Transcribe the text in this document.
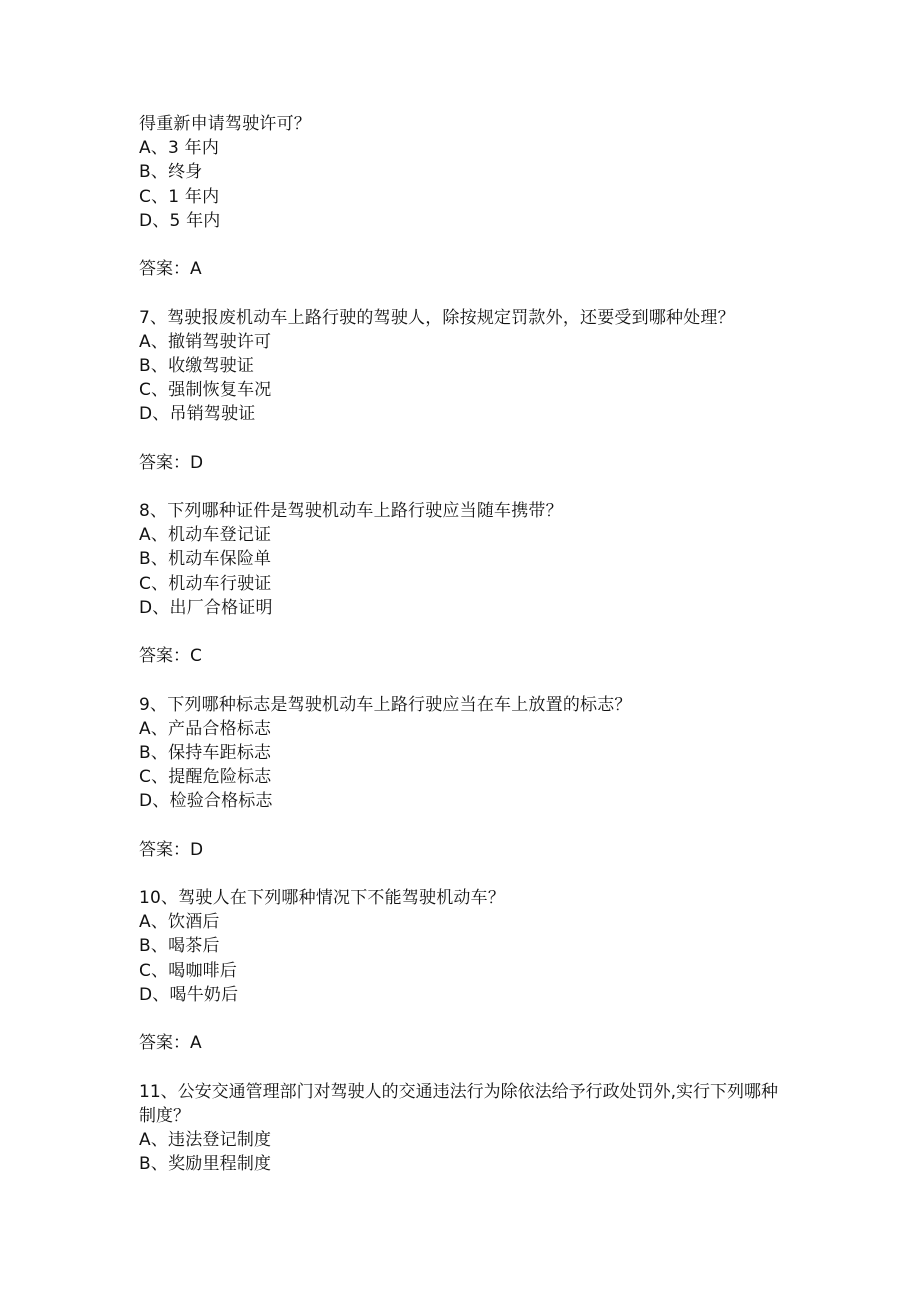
得重新申请驾驶许可？
A、3 年内
B、终身
C、1 年内
D、5 年内
答案：A
7、驾驶报废机动车上路行驶的驾驶人，除按规定罚款外，还要受到哪种处理？
A、撤销驾驶许可
B、收缴驾驶证
C、强制恢复车况
D、吊销驾驶证
答案：D
8、下列哪种证件是驾驶机动车上路行驶应当随车携带？
A、机动车登记证
B、机动车保险单
C、机动车行驶证
D、出厂合格证明
答案：C
9、下列哪种标志是驾驶机动车上路行驶应当在车上放置的标志？
A、产品合格标志
B、保持车距标志
C、提醒危险标志
D、检验合格标志
答案：D
10、驾驶人在下列哪种情况下不能驾驶机动车？
A、饮酒后
B、喝茶后
C、喝咖啡后
D、喝牛奶后
答案：A
11、公安交通管理部门对驾驶人的交通违法行为除依法给予行政处罚外,实行下列哪种制度？
A、违法登记制度
B、奖励里程制度
